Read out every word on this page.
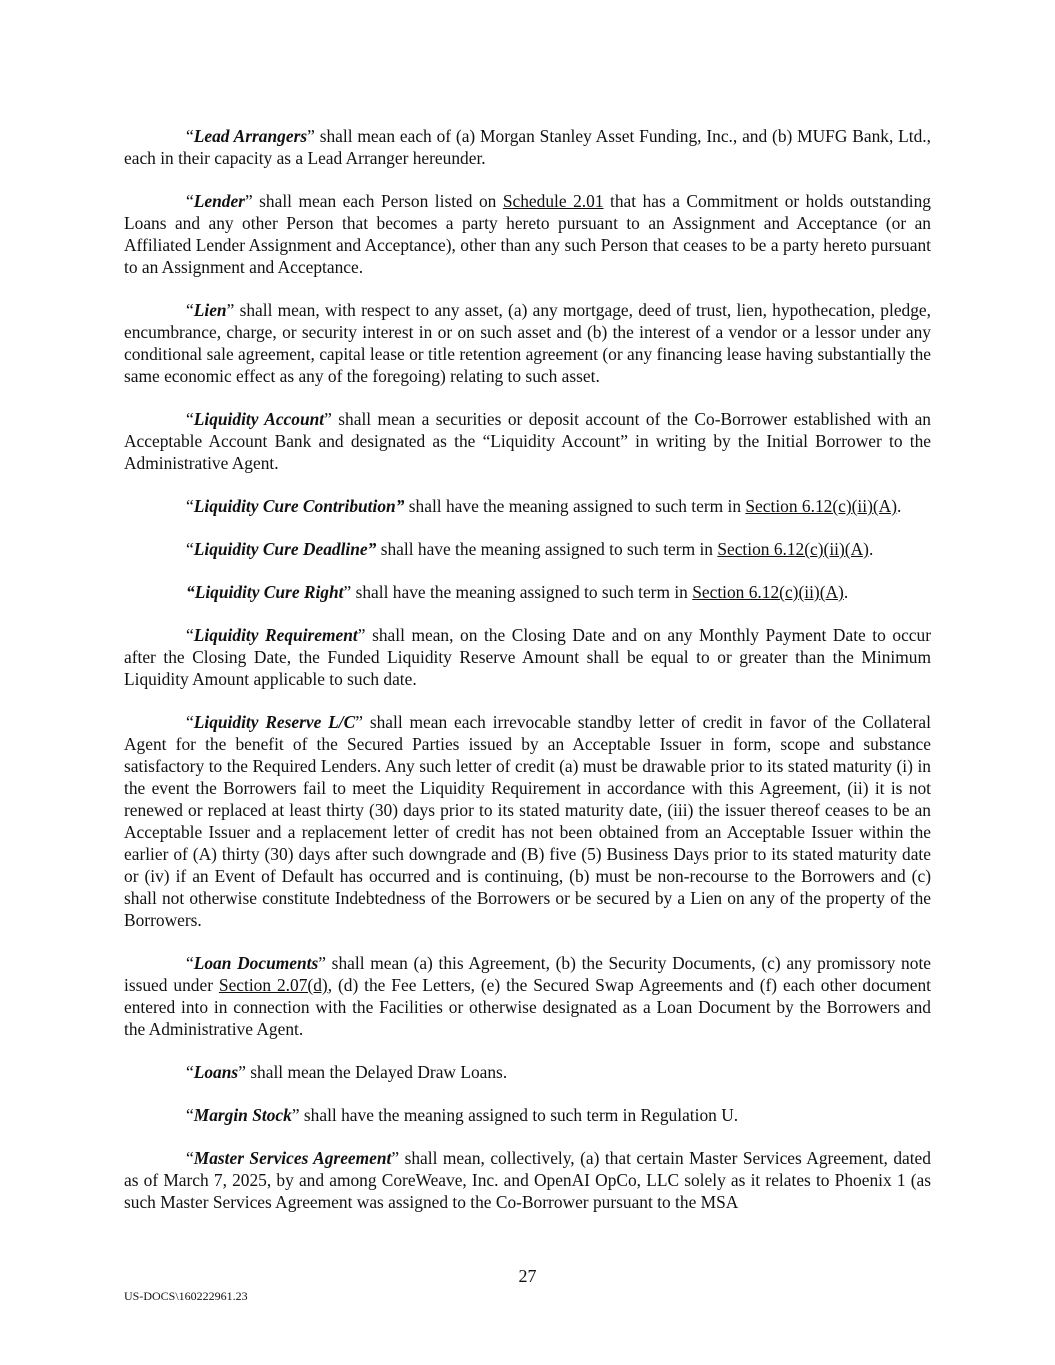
“Lead Arrangers” shall mean each of (a) Morgan Stanley Asset Funding, Inc., and (b) MUFG Bank, Ltd., each in their capacity as a Lead Arranger hereunder.

“Lender” shall mean each Person listed on Schedule 2.01 that has a Commitment or holds outstanding Loans and any other Person that becomes a party hereto pursuant to an Assignment and Acceptance (or an Affiliated Lender Assignment and Acceptance), other than any such Person that ceases to be a party hereto pursuant to an Assignment and Acceptance.

“Lien” shall mean, with respect to any asset, (a) any mortgage, deed of trust, lien, hypothecation, pledge, encumbrance, charge, or security interest in or on such asset and (b) the interest of a vendor or a lessor under any conditional sale agreement, capital lease or title retention agreement (or any financing lease having substantially the same economic effect as any of the foregoing) relating to such asset.

“Liquidity Account” shall mean a securities or deposit account of the Co-Borrower established with an Acceptable Account Bank and designated as the “Liquidity Account” in writing by the Initial Borrower to the Administrative Agent.

“Liquidity Cure Contribution” shall have the meaning assigned to such term in Section 6.12(c)(ii)(A).

“Liquidity Cure Deadline” shall have the meaning assigned to such term in Section 6.12(c)(ii)(A).

“Liquidity Cure Right” shall have the meaning assigned to such term in Section 6.12(c)(ii)(A).

“Liquidity Requirement” shall mean, on the Closing Date and on any Monthly Payment Date to occur after the Closing Date, the Funded Liquidity Reserve Amount shall be equal to or greater than the Minimum Liquidity Amount applicable to such date.

“Liquidity Reserve L/C” shall mean each irrevocable standby letter of credit in favor of the Collateral Agent for the benefit of the Secured Parties issued by an Acceptable Issuer in form, scope and substance satisfactory to the Required Lenders. Any such letter of credit (a) must be drawable prior to its stated maturity (i) in the event the Borrowers fail to meet the Liquidity Requirement in accordance with this Agreement, (ii) it is not renewed or replaced at least thirty (30) days prior to its stated maturity date, (iii) the issuer thereof ceases to be an Acceptable Issuer and a replacement letter of credit has not been obtained from an Acceptable Issuer within the earlier of (A) thirty (30) days after such downgrade and (B) five (5) Business Days prior to its stated maturity date or (iv) if an Event of Default has occurred and is continuing, (b) must be non-recourse to the Borrowers and (c) shall not otherwise constitute Indebtedness of the Borrowers or be secured by a Lien on any of the property of the Borrowers.

“Loan Documents” shall mean (a) this Agreement, (b) the Security Documents, (c) any promissory note issued under Section 2.07(d), (d) the Fee Letters, (e) the Secured Swap Agreements and (f) each other document entered into in connection with the Facilities or otherwise designated as a Loan Document by the Borrowers and the Administrative Agent.

“Loans” shall mean the Delayed Draw Loans.

“Margin Stock” shall have the meaning assigned to such term in Regulation U.

“Master Services Agreement” shall mean, collectively, (a) that certain Master Services Agreement, dated as of March 7, 2025, by and among CoreWeave, Inc. and OpenAI OpCo, LLC solely as it relates to Phoenix 1 (as such Master Services Agreement was assigned to the Co-Borrower pursuant to the MSA

27
US-DOCS\160222961.23
